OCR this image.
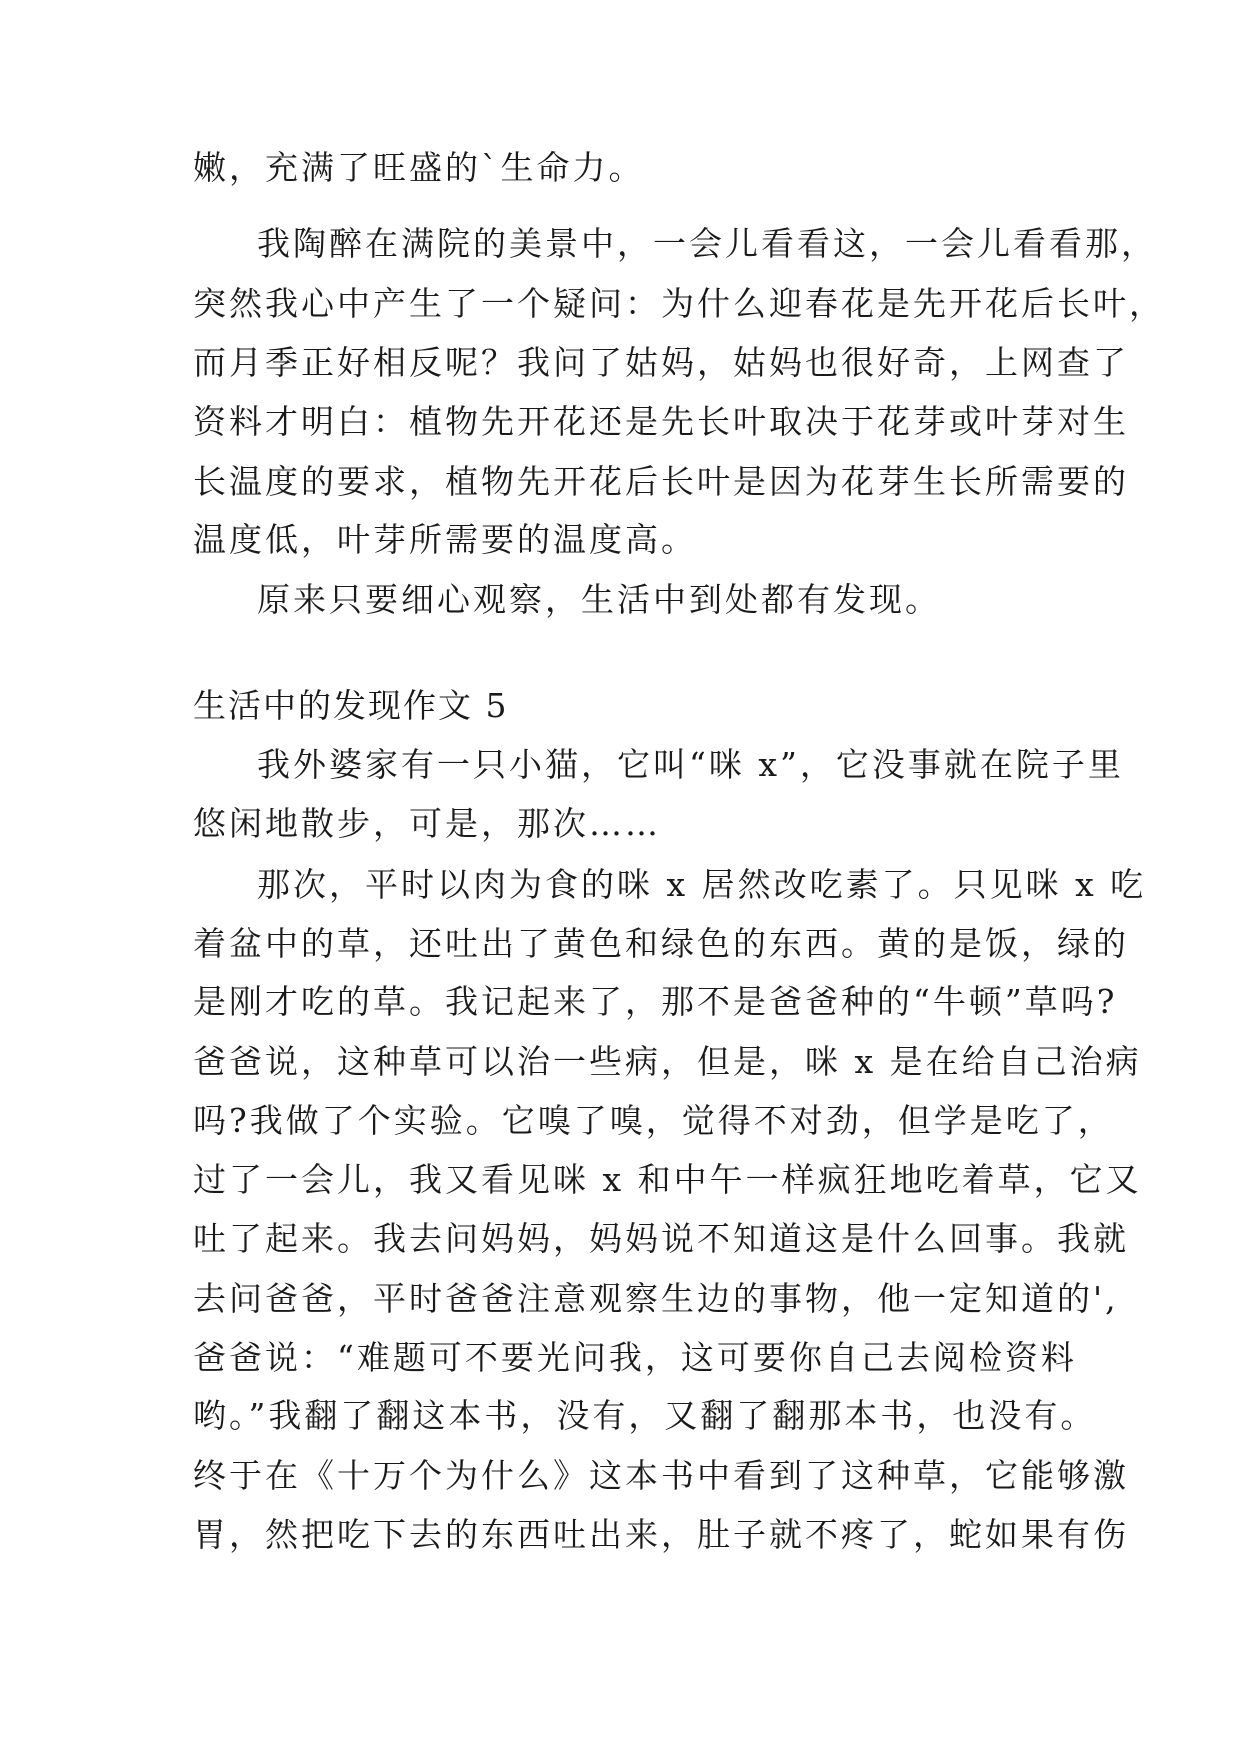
嫩，充满了旺盛的`生命力。
我陶醉在满院的美景中，一会儿看看这，一会儿看看那，
突然我心中产生了一个疑问：为什么迎春花是先开花后长叶，
而月季正好相反呢？我问了姑妈，姑妈也很好奇，上网查了
资料才明白：植物先开花还是先长叶取决于花芽或叶芽对生
长温度的要求，植物先开花后长叶是因为花芽生长所需要的
温度低，叶芽所需要的温度高。
原来只要细心观察，生活中到处都有发现。
生活中的发现作文 5
我外婆家有一只小猫，它叫“咪 x”，它没事就在院子里
悠闲地散步，可是，那次……
那次，平时以肉为食的咪 x 居然改吃素了。只见咪 x 吃
着盆中的草，还吐出了黄色和绿色的东西。黄的是饭，绿的
是刚才吃的草。我记起来了，那不是爸爸种的“牛顿”草吗?
爸爸说，这种草可以治一些病，但是，咪 x 是在给自己治病
吗?我做了个实验。它嗅了嗅，觉得不对劲，但学是吃了，
过了一会儿，我又看见咪 x 和中午一样疯狂地吃着草，它又
吐了起来。我去问妈妈，妈妈说不知道这是什么回事。我就
去问爸爸，平时爸爸注意观察生边的事物，他一定知道的',
爸爸说：“难题可不要光问我，这可要你自己去阅检资料
哟。”我翻了翻这本书，没有，又翻了翻那本书，也没有。
终于在《十万个为什么》这本书中看到了这种草，它能够激
胃，然把吃下去的东西吐出来，肚子就不疼了，蛇如果有伤
